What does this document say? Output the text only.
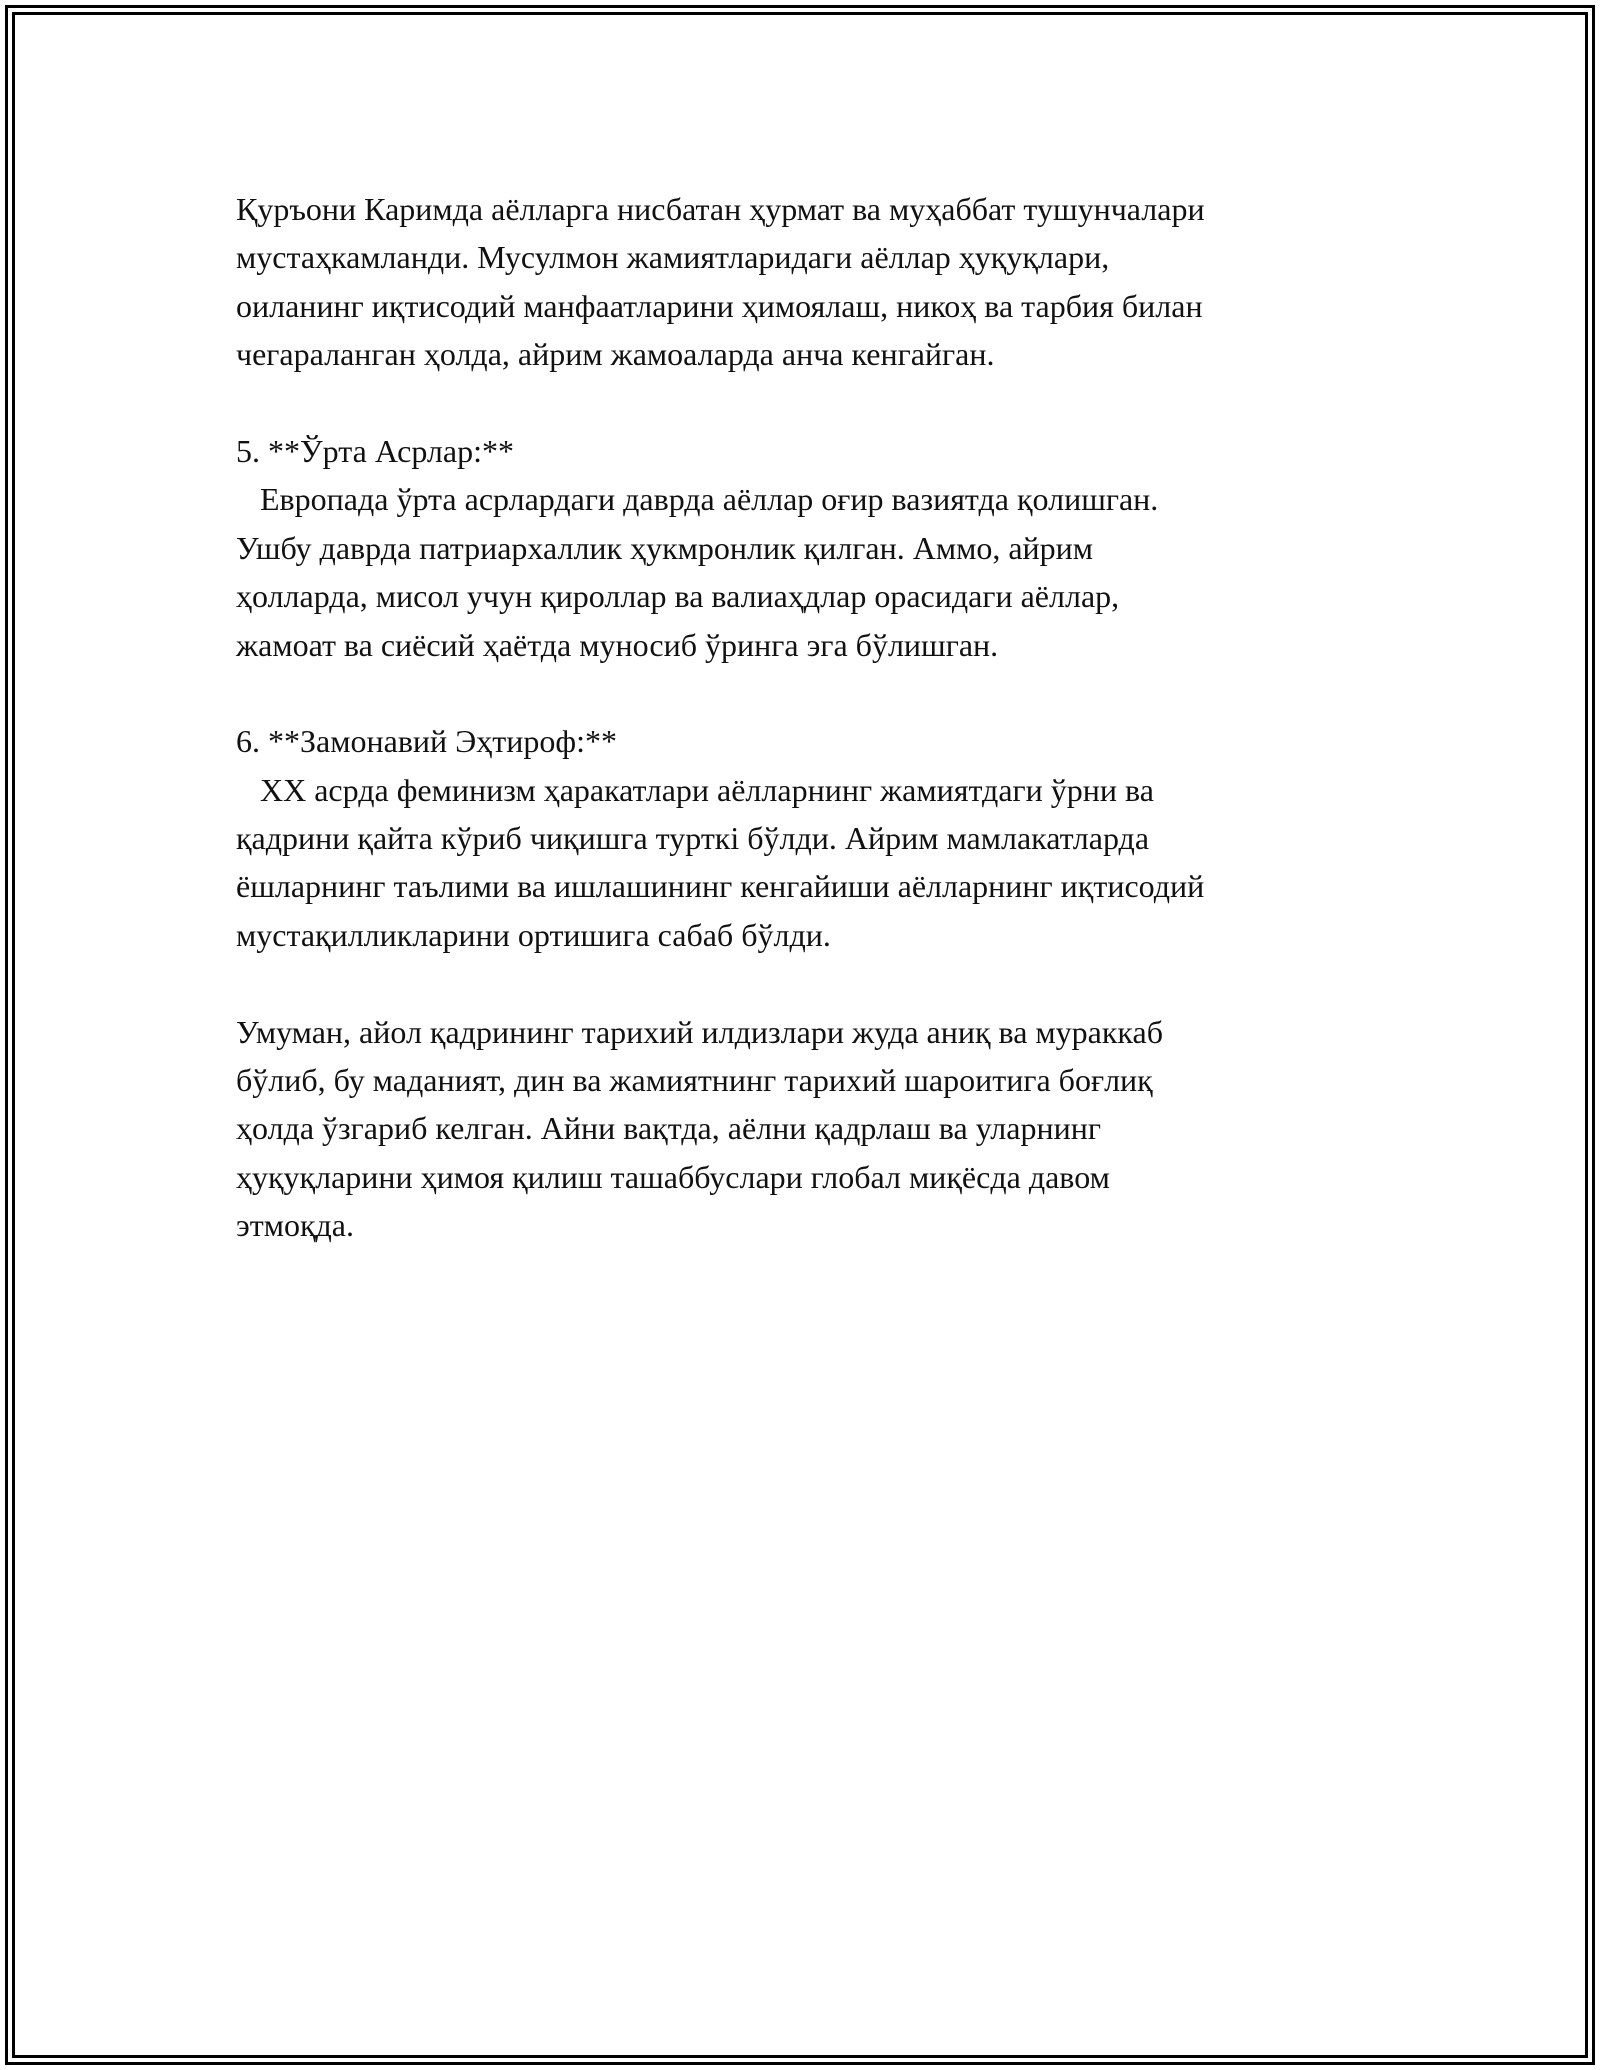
Қуръони Каримда аёлларга нисбатан ҳурмат ва муҳаббат тушунчалари
мустаҳкамланди. Мусулмон жамиятларидаги аёллар ҳуқуқлари,
оиланинг иқтисодий манфаатларини ҳимоялаш, никоҳ ва тарбия билан
чегараланган ҳолда, айрим жамоаларда анча кенгайган.
5. **Ўрта Асрлар:**
Европада ўрта асрлардаги даврда аёллар оғир вазиятда қолишган.
Ушбу даврда патриархаллик ҳукмронлик қилган. Аммо, айрим
ҳолларда, мисол учун қироллар ва валиаҳдлар орасидаги аёллар,
жамоат ва сиёсий ҳаётда муносиб ўринга эга бўлишган.
6. **Замонавий Эҳтироф:**
XX асрда феминизм ҳаракатлари аёлларнинг жамиятдаги ўрни ва
қадрини қайта кўриб чиқишга турткі бўлди. Айрим мамлакатларда
ёшларнинг таълими ва ишлашининг кенгайиши аёлларнинг иқтисодий
мустақилликларини ортишига сабаб бўлди.
Умуман, айол қадрининг тарихий илдизлари жуда аниқ ва мураккаб
бўлиб, бу маданият, дин ва жамиятнинг тарихий шароитига боғлиқ
ҳолда ўзгариб келган. Айни вақтда, аёлни қадрлаш ва уларнинг
ҳуқуқларини ҳимоя қилиш ташаббуслари глобал миқёсда давом
этмоқда.
